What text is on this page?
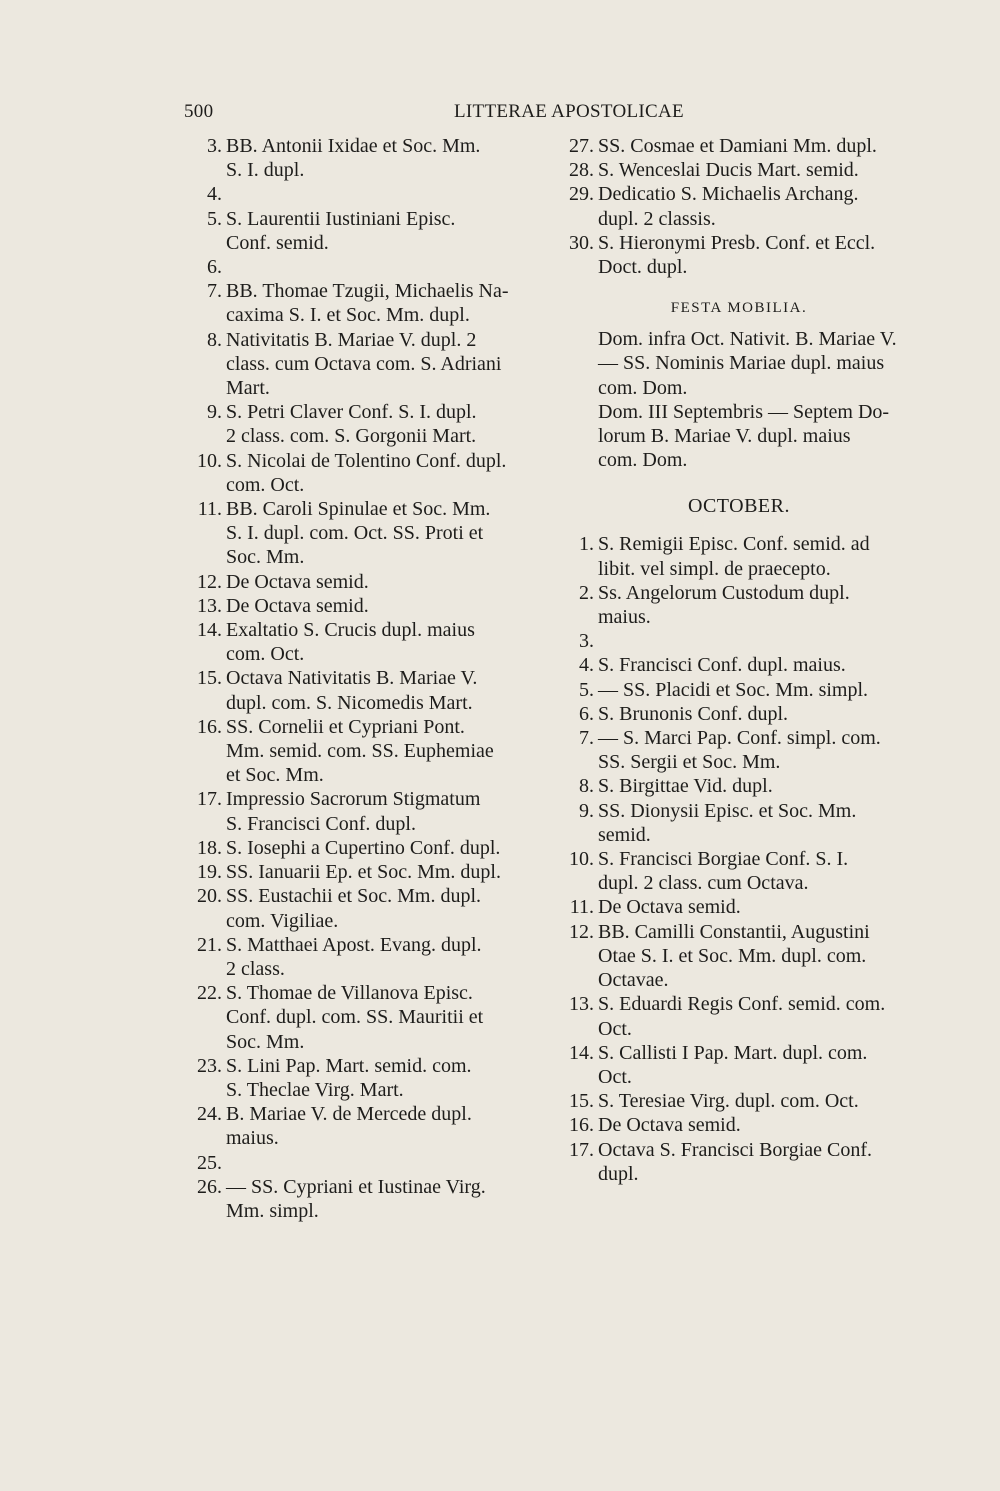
500	LITTERAE APOSTOLICAE
3. BB. Antonii Ixidae et Soc. Mm.
S. I. dupl.
4.

5. S. Laurentii Iustiniani Episc.
Conf. semid.
6.

7. BB. Thomae Tzugii, Michaelis Na-
caxima S. I. et Soc. Mm. dupl.
8. Nativitatis B. Mariae V. dupl. 2
class. cum Octava com. S. Adriani
Mart.
9. S. Petri Claver Conf. S. I. dupl.
2 class. com. S. Gorgonii Mart.
10. S. Nicolai de Tolentino Conf. dupl.
com. Oct.
11. BB. Caroli Spinulae et Soc. Mm.
S. I. dupl. com. Oct. SS. Proti et
Soc. Mm.
12. De Octava semid.
13. De Octava semid.
14. Exaltatio S. Crucis dupl. maius
com. Oct.
15. Octava Nativitatis B. Mariae V.
dupl. com. S. Nicomedis Mart.
16. SS. Cornelii et Cypriani Pont.
Mm. semid. com. SS. Euphemiae
et Soc. Mm.
17. Impressio Sacrorum Stigmatum
S. Francisci Conf. dupl.
18. S. Iosephi a Cupertino Conf. dupl.
19. SS. Ianuarii Ep. et Soc. Mm. dupl.
20. SS. Eustachii et Soc. Mm. dupl.
com. Vigiliae.
21. S. Matthaei Apost. Evang. dupl.
2 class.
22. S. Thomae de Villanova Episc.
Conf. dupl. com. SS. Mauritii et
Soc. Mm.
23. S. Lini Pap. Mart. semid. com.
S. Theclae Virg. Mart.
24. B. Mariae V. de Mercede dupl.
maius.
25.

26. — SS. Cypriani et Iustinae Virg.
Mm. simpl.
27. SS. Cosmae et Damiani Mm. dupl.
28. S. Wenceslai Ducis Mart. semid.
29. Dedicatio S. Michaelis Archang.
dupl. 2 classis.
30. S. Hieronymi Presb. Conf. et Eccl.
Doct. dupl.
FESTA MOBILIA.
Dom. infra Oct. Nativit. B. Mariae V.
— SS. Nominis Mariae dupl. maius
com. Dom.
Dom. III Septembris — Septem Do-
lorum B. Mariae V. dupl. maius
com. Dom.
OCTOBER.
1. S. Remigii Episc. Conf. semid. ad
libit. vel simpl. de praecepto.
2. Ss. Angelorum Custodum dupl.
maius.
3.

4. S. Francisci Conf. dupl. maius.
5. — SS. Placidi et Soc. Mm. simpl.
6. S. Brunonis Conf. dupl.
7. — S. Marci Pap. Conf. simpl. com.
SS. Sergii et Soc. Mm.
8. S. Birgittae Vid. dupl.
9. SS. Dionysii Episc. et Soc. Mm.
semid.
10. S. Francisci Borgiae Conf. S. I.
dupl. 2 class. cum Octava.
11. De Octava semid.
12. BB. Camilli Constantii, Augustini
Otae S. I. et Soc. Mm. dupl. com.
Octavae.
13. S. Eduardi Regis Conf. semid. com.
Oct.
14. S. Callisti I Pap. Mart. dupl. com.
Oct.
15. S. Teresiae Virg. dupl. com. Oct.
16. De Octava semid.
17. Octava S. Francisci Borgiae Conf.
dupl.
